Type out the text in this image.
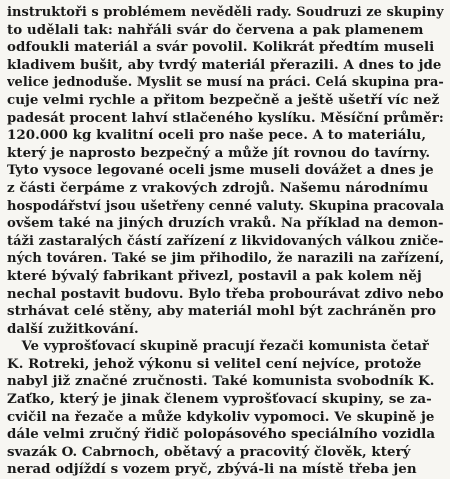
instruktoři s problémem nevěděli rady. Soudruzi ze skupiny
to udělali tak: nahřáli svár do červena a pak plamenem
odfoukli materiál a svár povolil. Kolikrát předtím museli
kladivem bušit, aby tvrdý materiál přerazili. A dnes to jde
velice jednoduše. Myslit se musí na práci. Celá skupina pra-
cuje velmi rychle a přitom bezpečně a ještě ušetří víc než
padesát procent lahví stlačeného kyslíku. Měsíční průměr:
120.000 kg kvalitní oceli pro naše pece. A to materiálu,
který je naprosto bezpečný a může jít rovnou do tavírny.
Tyto vysoce legované oceli jsme museli dovážet a dnes je
z části čerpáme z vrakových zdrojů. Našemu národnímu
hospodářství jsou ušetřeny cenné valuty. Skupina pracovala
ovšem také na jiných druzích vraků. Na příklad na demon-
táži zastaralých částí zařízení z likvidovaných válkou zniče-
ných továren. Také se jim přihodilo, že narazili na zařízení,
které bývalý fabrikant přivezl, postavil a pak kolem něj
nechal postavit budovu. Bylo třeba probourávat zdivo nebo
strhávat celé stěny, aby materiál mohl být zachráněn pro
další zužitkování.
Ve vyprošťovací skupině pracují řezači komunista četař
K. Rotreki, jehož výkonu si velitel cení nejvíce, protože
nabyl již značné zručnosti. Také komunista svobodník K.
Zaťko, který je jinak členem vyprošťovací skupiny, se za-
cvičil na řezače a může kdykoliv vypomoci. Ve skupině je
dále velmi zručný řidič polopásového speciálního vozidla
svazák O. Cabrnoch, obětavý a pracovitý člověk, který
nerad odjíždí s vozem pryč, zbývá-li na místě třeba jen
